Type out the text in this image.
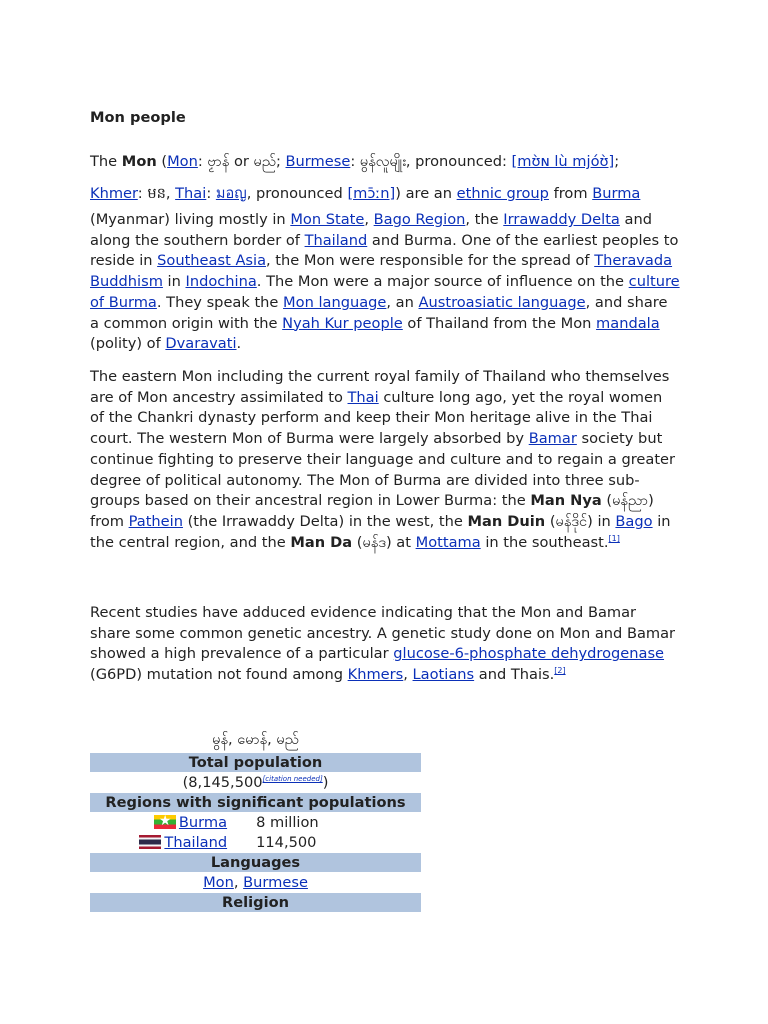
Mon people

The Mon (Mon: ဗၟာန် or မည်; Burmese: မွန်လူမျိုး, pronounced: [mʊ̀ɴ lù mjóʊ̀];
Khmer: មន, Thai: มอญ, pronounced [mɔ̄ːn]) are an ethnic group from Burma
(Myanmar) living mostly in Mon State, Bago Region, the Irrawaddy Delta and along the southern border of Thailand and Burma. One of the earliest peoples to reside in Southeast Asia, the Mon were responsible for the spread of Theravada Buddhism in Indochina. The Mon were a major source of influence on the culture of Burma. They speak the Mon language, an Austroasiatic language, and share a common origin with the Nyah Kur people of Thailand from the Mon mandala (polity) of Dvaravati.

The eastern Mon including the current royal family of Thailand who themselves are of Mon ancestry assimilated to Thai culture long ago, yet the royal women of the Chankri dynasty perform and keep their Mon heritage alive in the Thai court. The western Mon of Burma were largely absorbed by Bamar society but continue fighting to preserve their language and culture and to regain a greater degree of political autonomy. The Mon of Burma are divided into three sub-groups based on their ancestral region in Lower Burma: the Man Nya (မန်ညာ) from Pathein (the Irrawaddy Delta) in the west, the Man Duin (မန်ဒိုင်) in Bago in the central region, and the Man Da (မန်ဒ) at Mottama in the southeast.[1]

Recent studies have adduced evidence indicating that the Mon and Bamar share some common genetic ancestry. A genetic study done on Mon and Bamar showed a high prevalence of a particular glucose-6-phosphate dehydrogenase (G6PD) mutation not found among Khmers, Laotians and Thais.[2]

မွန်, မောန်, မည်
Total population
(8,145,500[citation needed])
Regions with significant populations
★Burma	8 million
Thailand	114,500
Languages
Mon, Burmese
Religion
